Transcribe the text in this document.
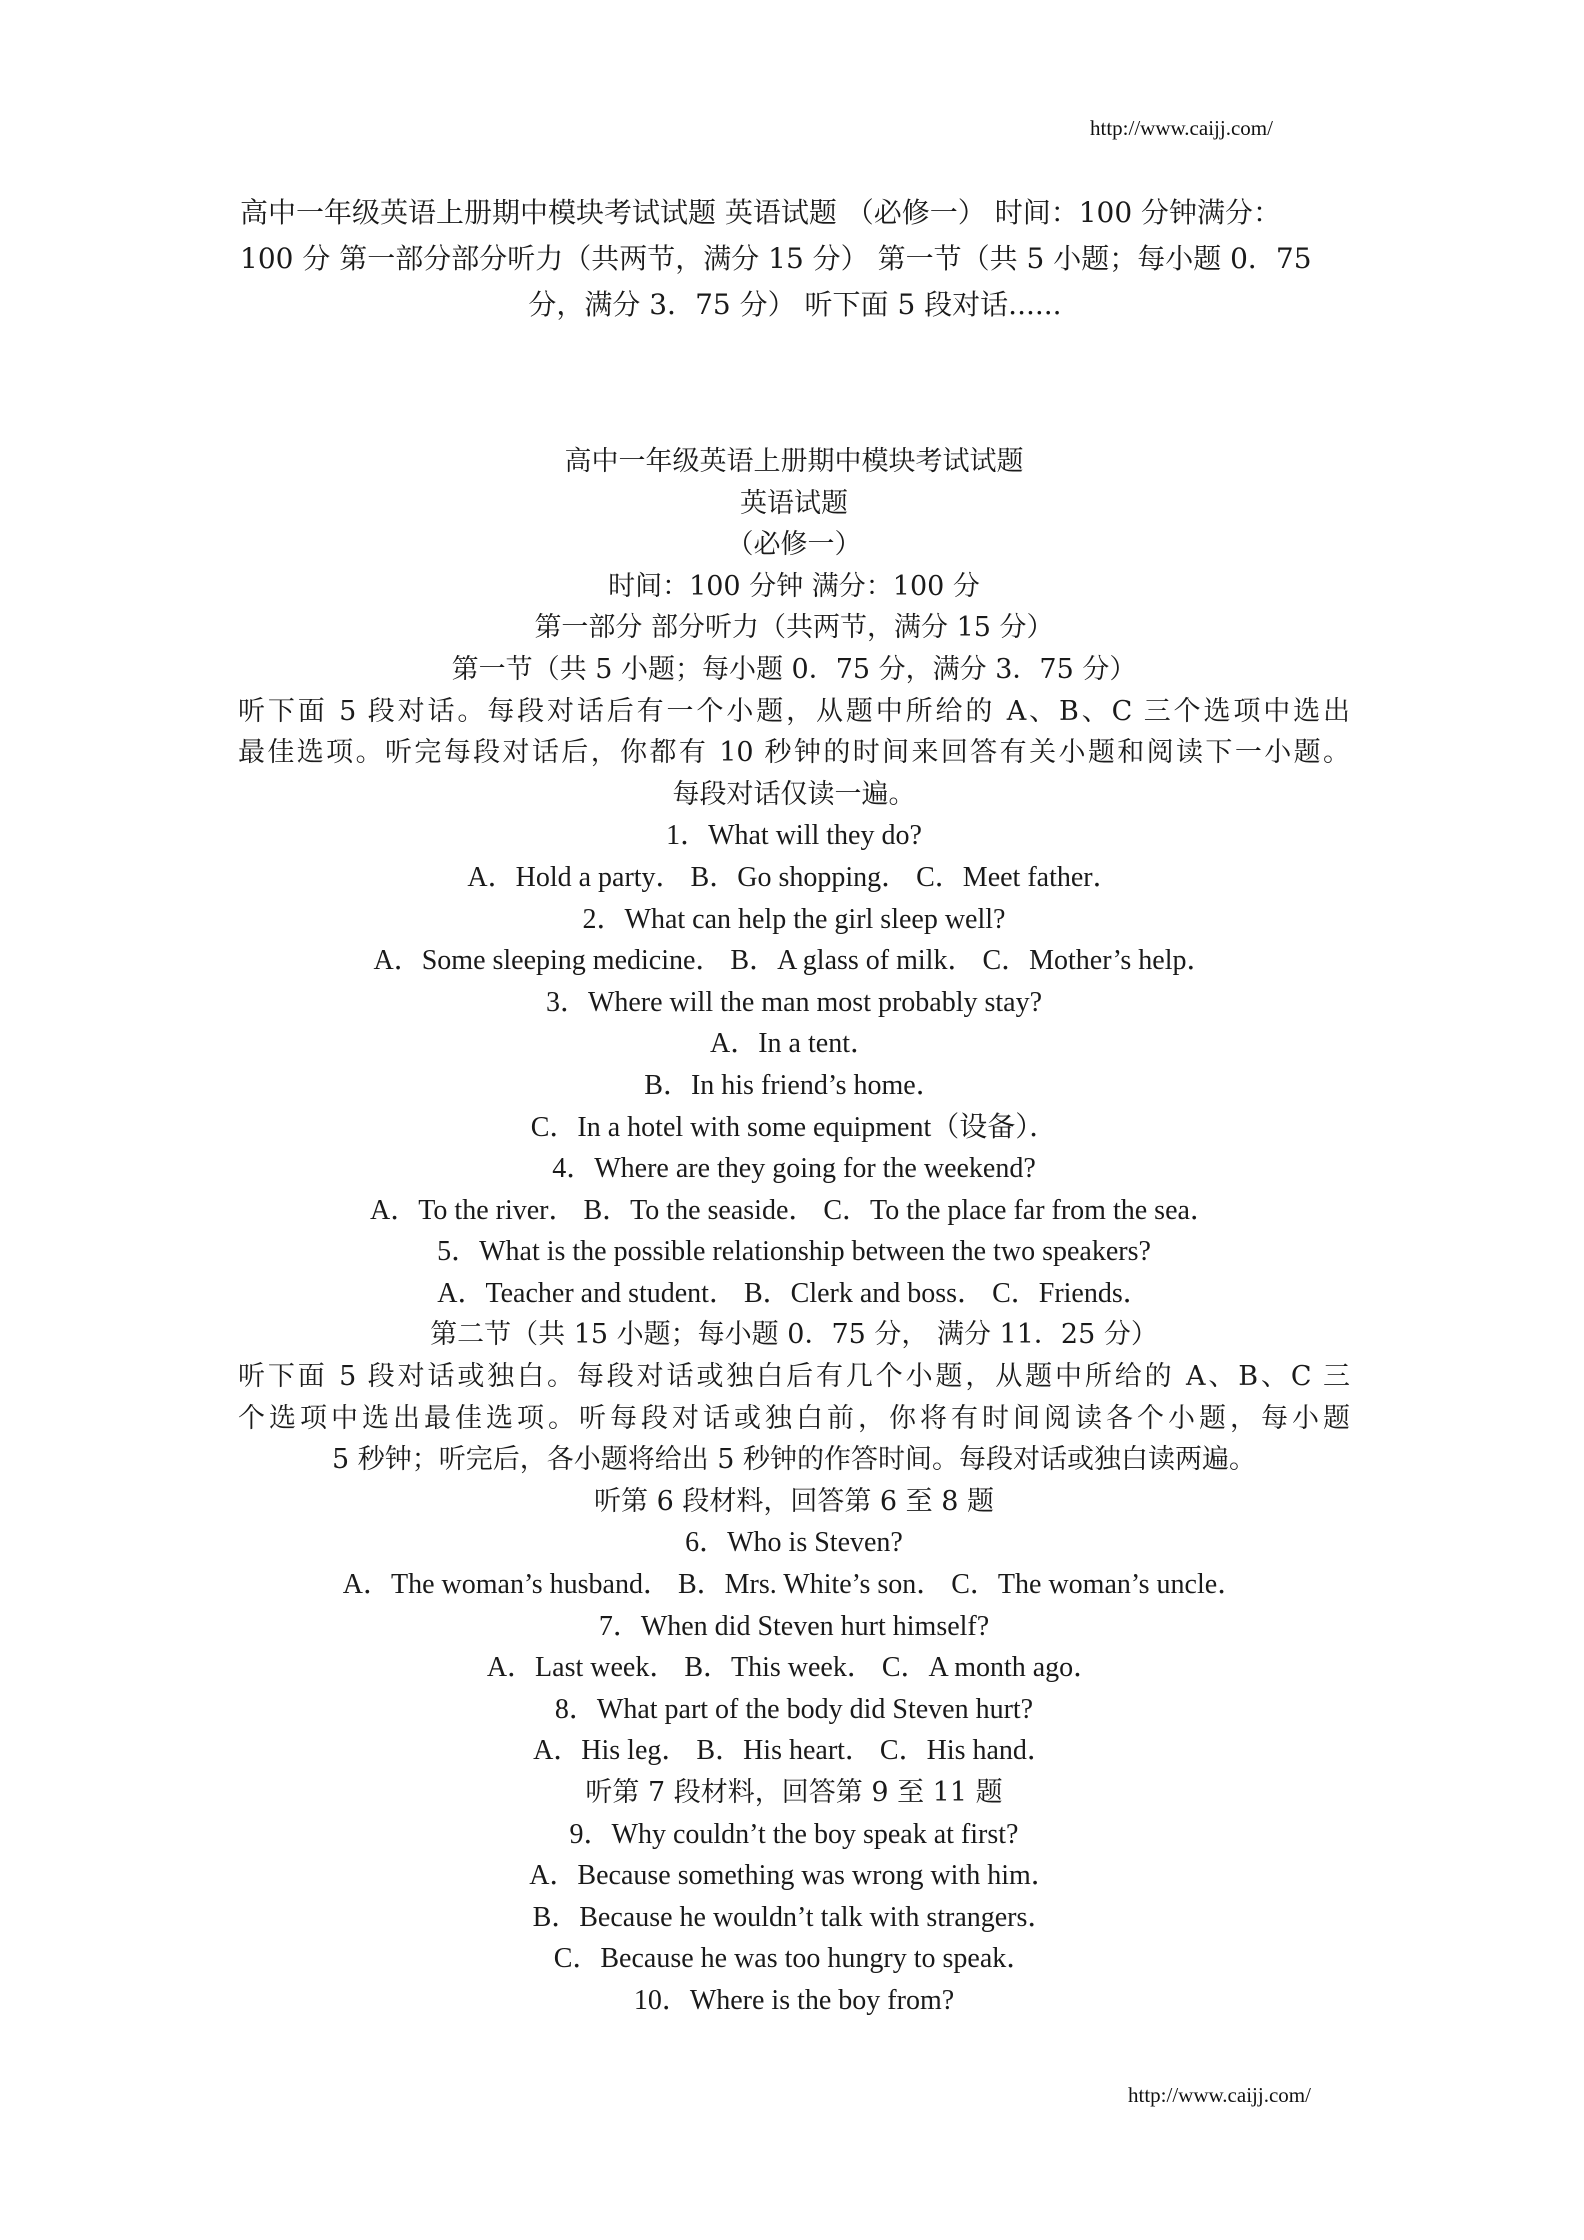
http://www.caijj.com/
高中一年级英语上册期中模块考试试题 英语试题 （必修一） 时间：100 分钟满分：
100 分 第一部分部分听力（共两节，满分 15 分） 第一节（共 5 小题；每小题 0．75
分，满分 3．75 分） 听下面 5 段对话......
高中一年级英语上册期中模块考试试题
英语试题
（必修一）
时间：100 分钟 满分：100 分
第一部分 部分听力（共两节，满分 15 分）
第一节（共 5 小题；每小题 0．75 分，满分 3．75 分）
听下面 5 段对话。每段对话后有一个小题，从题中所给的 A、B、C 三个选项中选出
最佳选项。听完每段对话后，你都有 10 秒钟的时间来回答有关小题和阅读下一小题。
每段对话仅读一遍。
1．What will they do?
A．Hold a party． B．Go shopping． C．Meet father．
2．What can help the girl sleep well?
A．Some sleeping medicine． B．A glass of milk． C．Mother’s help．
3．Where will the man most probably stay?
A．In a tent．
B．In his friend’s home．
C．In a hotel with some equipment（设备）．
4．Where are they going for the weekend?
A．To the river． B．To the seaside． C．To the place far from the sea．
5．What is the possible relationship between the two speakers?
A．Teacher and student． B．Clerk and boss． C．Friends．
第二节（共 15 小题；每小题 0．75 分， 满分 11．25 分）
听下面 5 段对话或独白。每段对话或独白后有几个小题，从题中所给的 A、B、C 三
个选项中选出最佳选项。听每段对话或独白前，你将有时间阅读各个小题，每小题
5 秒钟；听完后，各小题将给出 5 秒钟的作答时间。每段对话或独白读两遍。
听第 6 段材料，回答第 6 至 8 题
6．Who is Steven?
A．The woman’s husband． B．Mrs. White’s son． C．The woman’s uncle．
7．When did Steven hurt himself?
A．Last week． B．This week． C．A month ago．
8．What part of the body did Steven hurt?
A．His leg． B．His heart． C．His hand．
听第 7 段材料，回答第 9 至 11 题
9．Why couldn’t the boy speak at first?
A．Because something was wrong with him．
B．Because he wouldn’t talk with strangers．
C．Because he was too hungry to speak．
10．Where is the boy from?
http://www.caijj.com/
